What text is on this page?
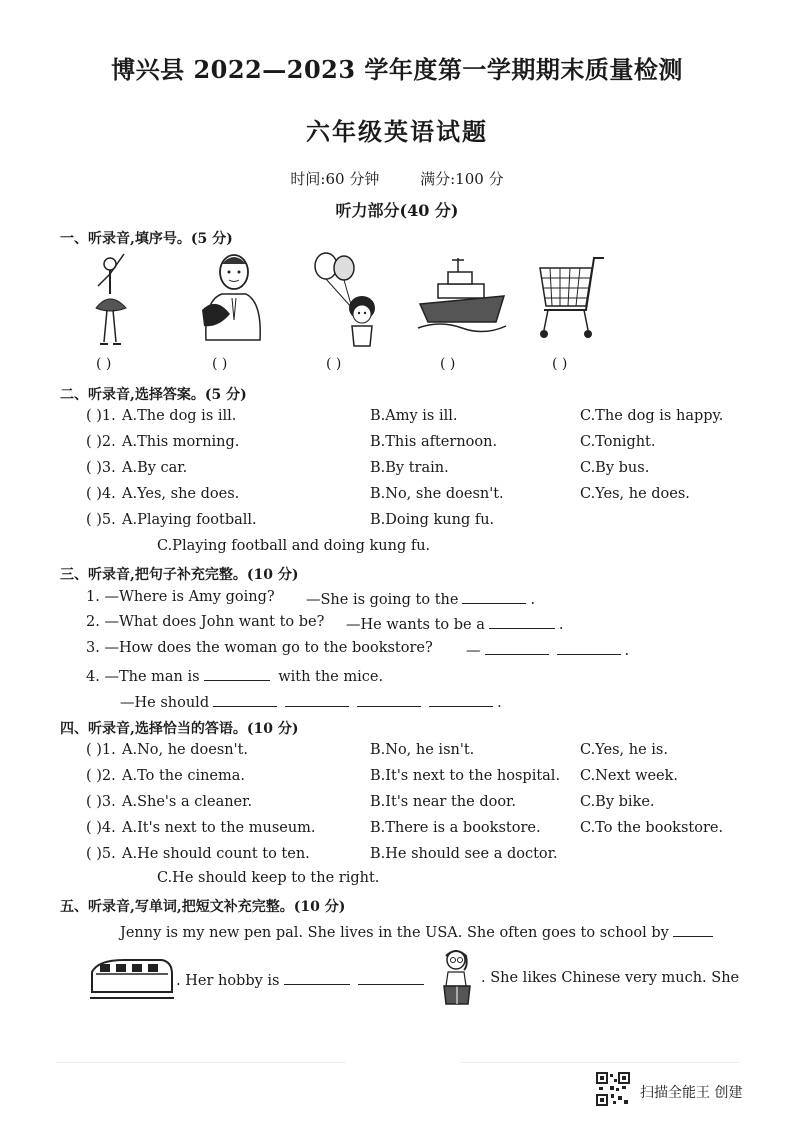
博兴县 2022—2023 学年度第一学期期末质量检测
六年级英语试题
时间:60 分钟	满分:100 分
听力部分(40 分)
一、听录音,填序号。(5 分)
( )	( )	( )	( )	( )
二、听录音,选择答案。(5 分)
( )1. A.The dog is ill.	B.Amy is ill.	C.The dog is happy.
( )2. A.This morning.	B.This afternoon.	C.Tonight.
( )3. A.By car.	B.By train.	C.By bus.
( )4. A.Yes, she does.	B.No, she doesn't.	C.Yes, he does.
( )5. A.Playing football.	B.Doing kung fu.
C.Playing football and doing kung fu.
三、听录音,把句子补充完整。(10 分)
1. —Where is Amy going? —She is going to the	.
2. —What does John want to be? —He wants to be a	.
3. —How does the woman go to the bookstore? —	.
4. —The man is	with the mice.
—He should	.
四、听录音,选择恰当的答语。(10 分)
( )1. A.No, he doesn't.	B.No, he isn't.	C.Yes, he is.
( )2. A.To the cinema.	B.It's next to the hospital. C.Next week.
( )3. A.She's a cleaner.	B.It's near the door.	C.By bike.
( )4. A.It's next to the museum.	B.There is a bookstore.	C.To the bookstore.
( )5. A.He should count to ten.	B.He should see a doctor.
C.He should keep to the right.
五、听录音,写单词,把短文补充完整。(10 分)
Jenny is my new pen pal. She lives in the USA. She often goes to school by
. Her hobby is	. She likes Chinese very much. She
扫描全能王 创建
